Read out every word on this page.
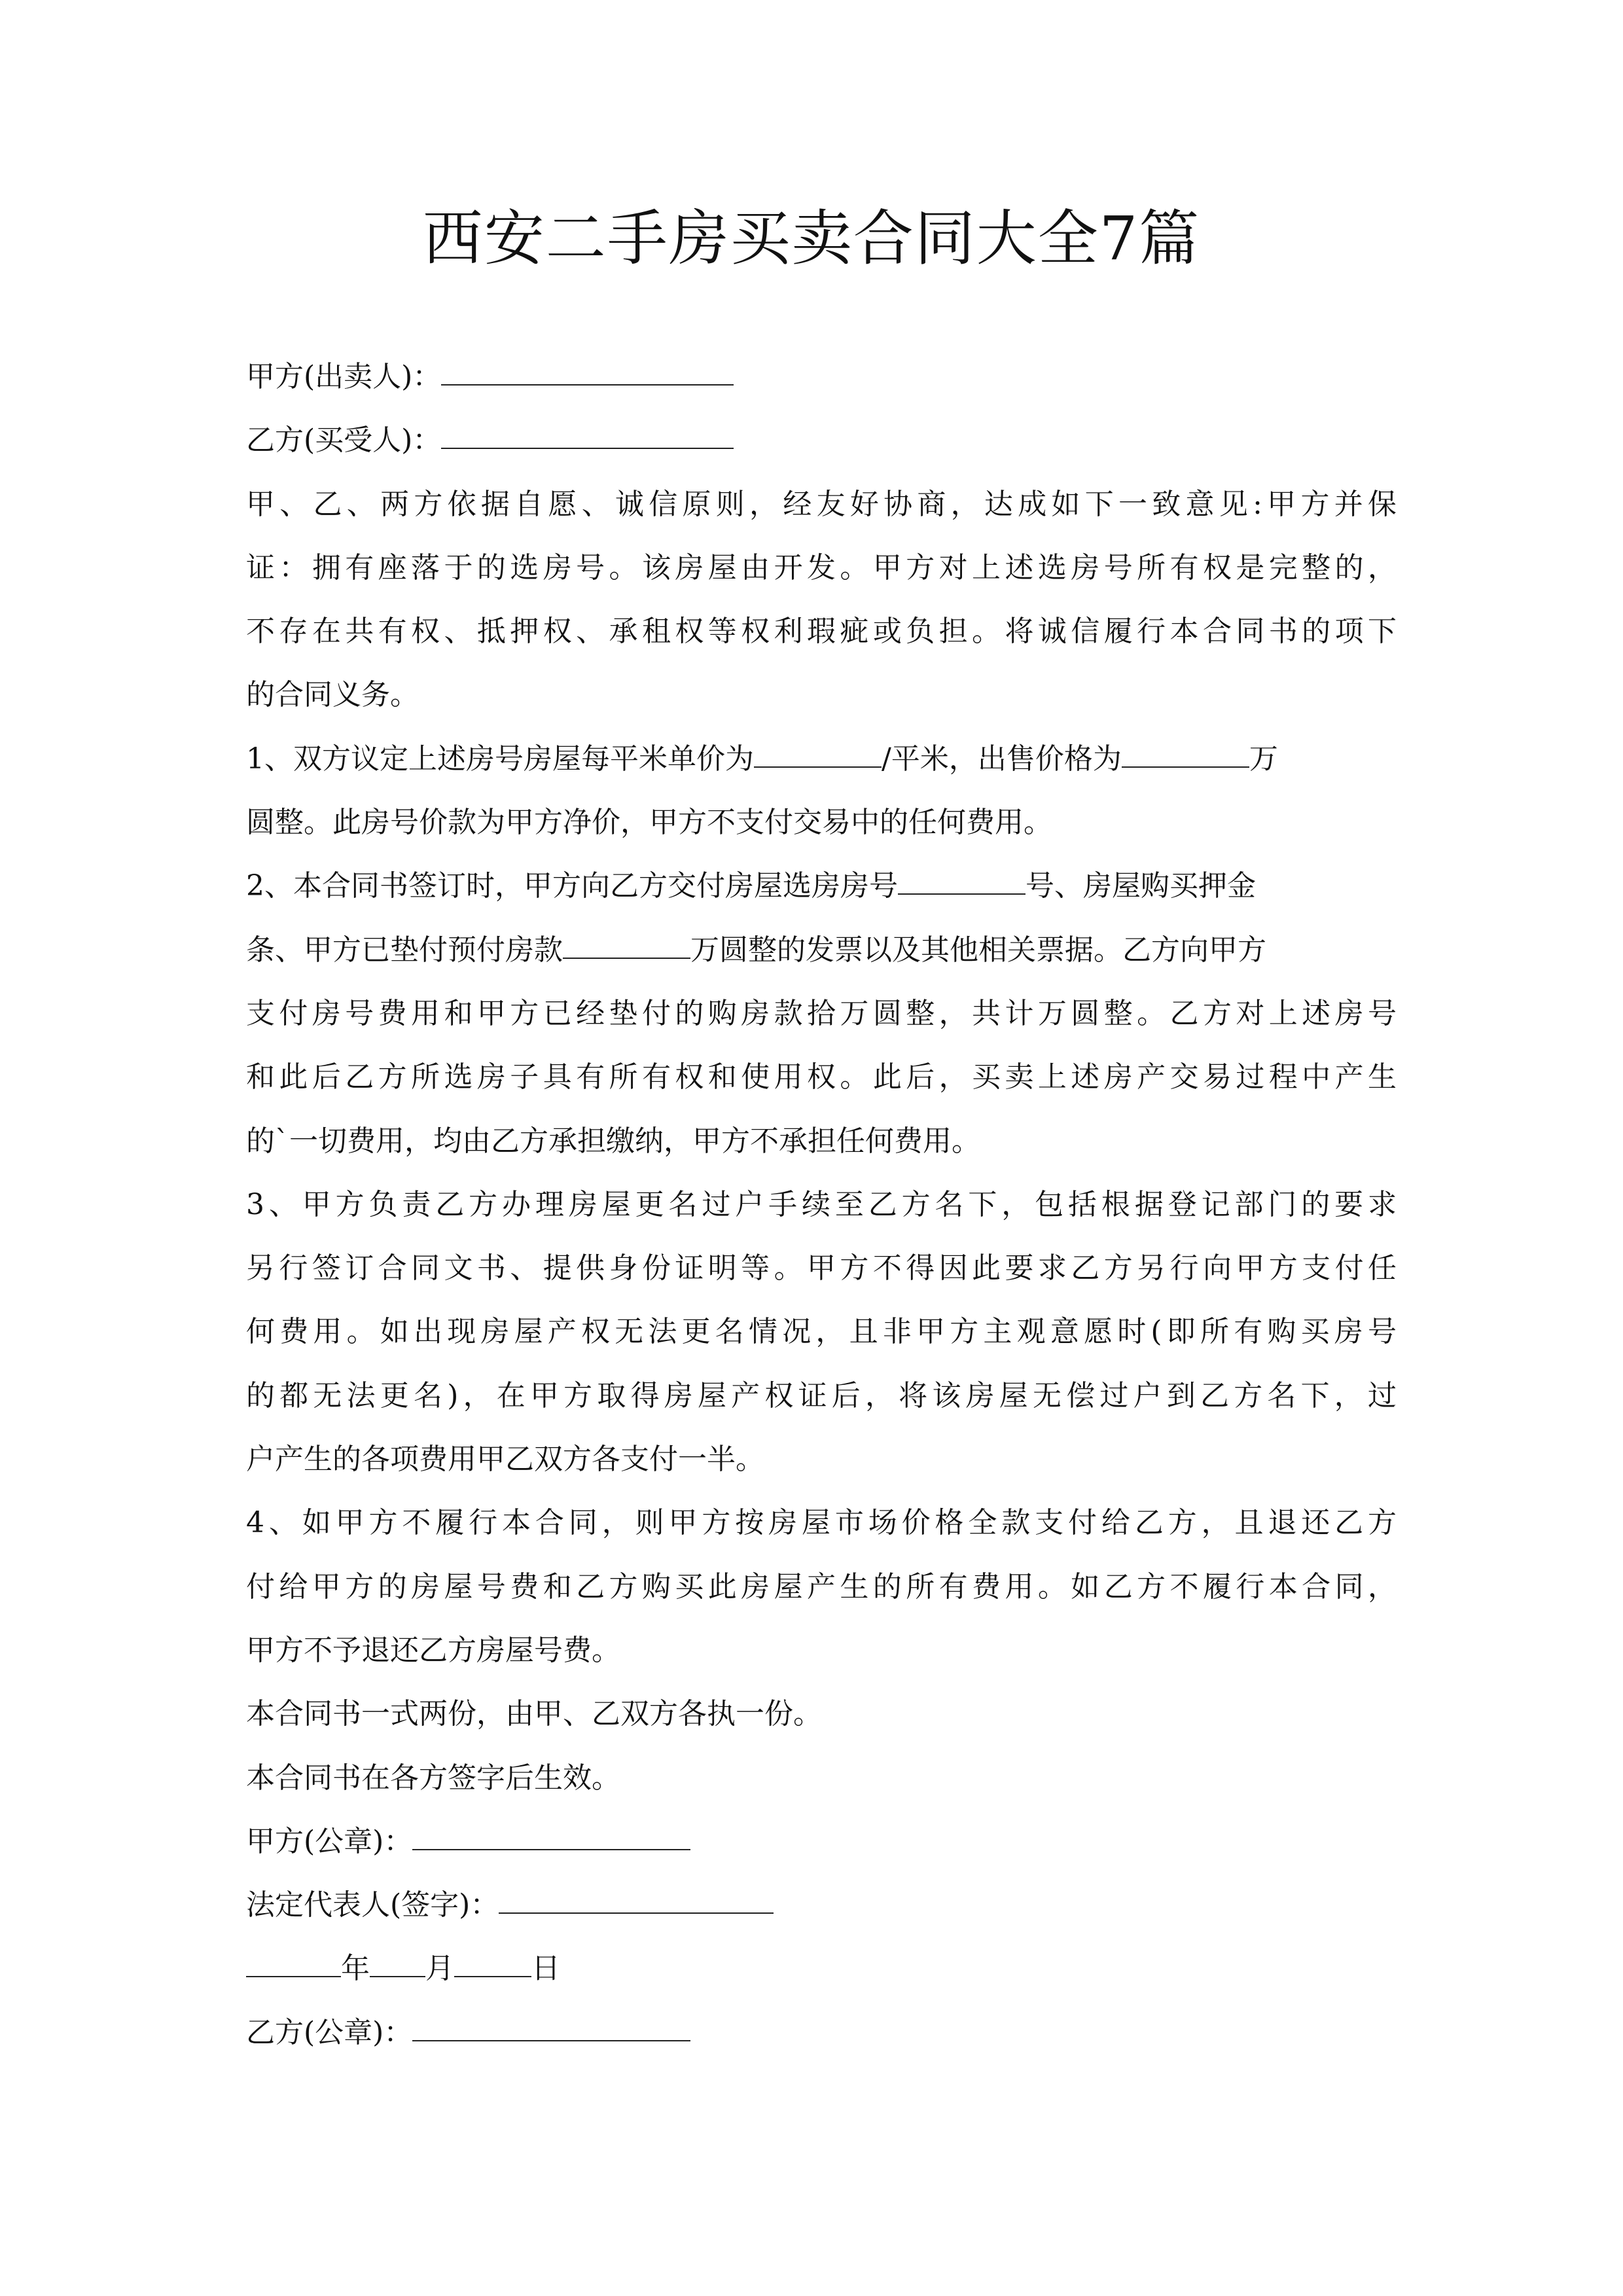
西安二手房买卖合同大全7篇
甲方(出卖人)：
乙方(买受人)：
甲、乙、两方依据自愿、诚信原则，经友好协商，达成如下一致意见:甲方并保
证：拥有座落于的选房号。该房屋由开发。甲方对上述选房号所有权是完整的，
不存在共有权、抵押权、承租权等权利瑕疵或负担。将诚信履行本合同书的项下
的合同义务。
1、双方议定上述房号房屋每平米单价为	/平米，出售价格为	万
圆整。此房号价款为甲方净价，甲方不支付交易中的任何费用。
2、本合同书签订时，甲方向乙方交付房屋选房房号	号、房屋购买押金
条、甲方已垫付预付房款	万圆整的发票以及其他相关票据。乙方向甲方
支付房号费用和甲方已经垫付的购房款拾万圆整，共计万圆整。乙方对上述房号
和此后乙方所选房子具有所有权和使用权。此后，买卖上述房产交易过程中产生
的`一切费用，均由乙方承担缴纳，甲方不承担任何费用。
3、甲方负责乙方办理房屋更名过户手续至乙方名下，包括根据登记部门的要求
另行签订合同文书、提供身份证明等。甲方不得因此要求乙方另行向甲方支付任
何费用。如出现房屋产权无法更名情况，且非甲方主观意愿时(即所有购买房号
的都无法更名)，在甲方取得房屋产权证后，将该房屋无偿过户到乙方名下，过
户产生的各项费用甲乙双方各支付一半。
4、如甲方不履行本合同，则甲方按房屋市场价格全款支付给乙方，且退还乙方
付给甲方的房屋号费和乙方购买此房屋产生的所有费用。如乙方不履行本合同，
甲方不予退还乙方房屋号费。
本合同书一式两份，由甲、乙双方各执一份。
本合同书在各方签字后生效。
甲方(公章)：
法定代表人(签字)：
年 月	日
乙方(公章)：
